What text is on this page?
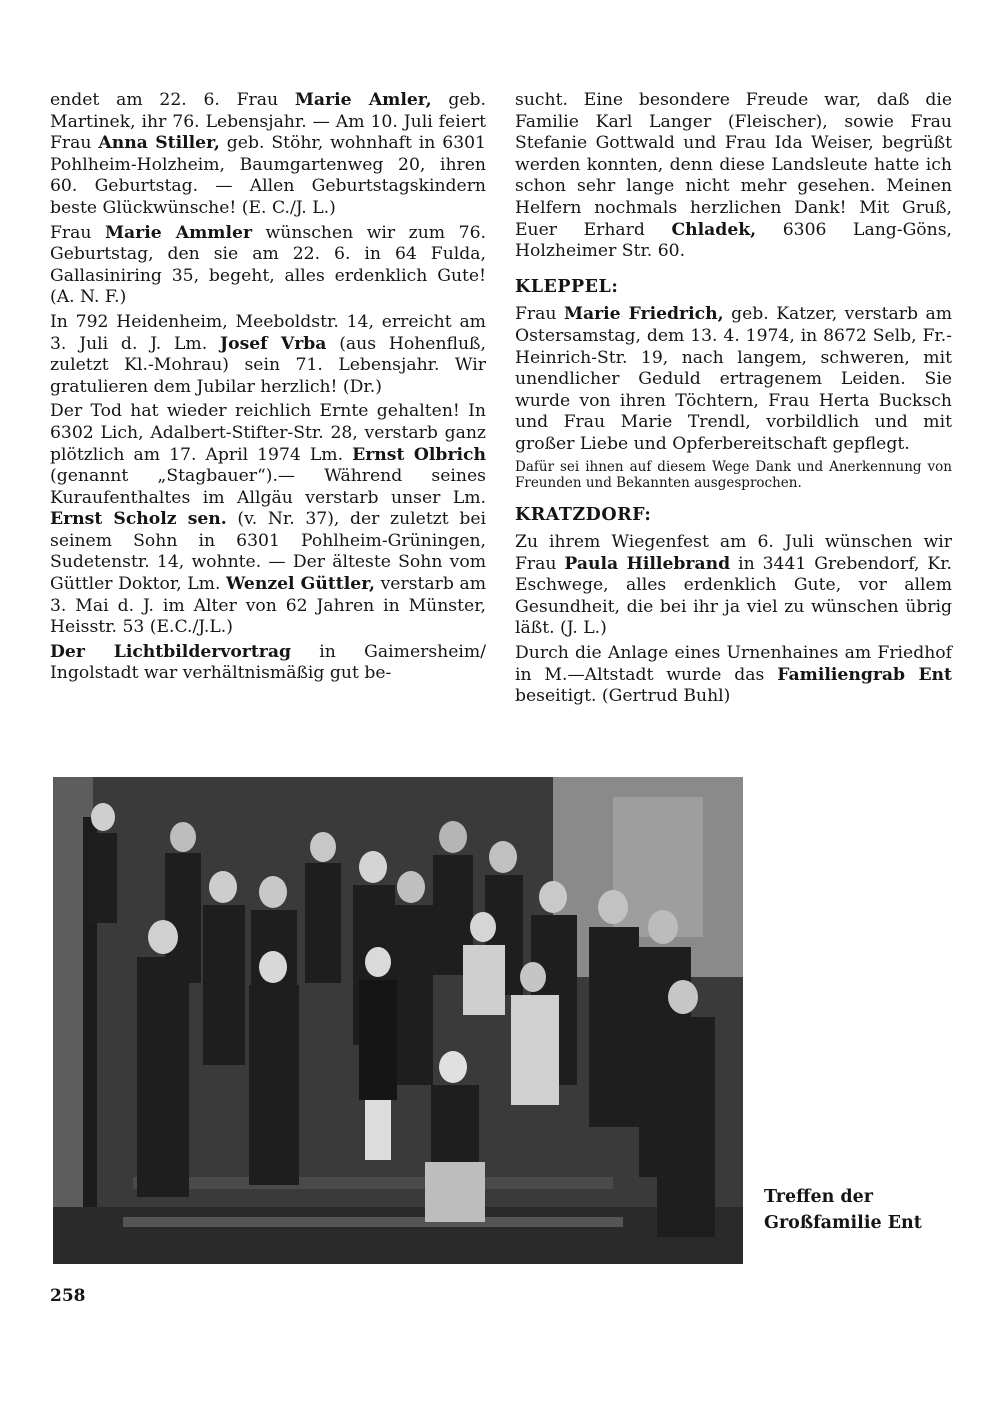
endet am 22. 6. Frau Marie Amler, geb. Martinek, ihr 76. Lebensjahr. — Am 10. Juli feiert Frau Anna Stiller, geb. Stöhr, wohnhaft in 6301 Pohlheim-Holzheim, Baumgartenweg 20, ihren 60. Geburtstag. — Allen Geburtstagskindern beste Glückwünsche! (E. C./J. L.)

Frau Marie Ammler wünschen wir zum 76. Geburtstag, den sie am 22. 6. in 64 Fulda, Gallasiniring 35, begeht, alles erdenklich Gute! (A. N. F.)

In 792 Heidenheim, Meeboldstr. 14, erreicht am 3. Juli d. J. Lm. Josef Vrba (aus Hohenfluß, zuletzt Kl.-Mohrau) sein 71. Lebensjahr. Wir gratulieren dem Jubilar herzlich! (Dr.)

Der Tod hat wieder reichlich Ernte gehalten! In 6302 Lich, Adalbert-Stifter-Str. 28, verstarb ganz plötzlich am 17. April 1974 Lm. Ernst Olbrich (genannt „Stagbauer“).— Während seines Kuraufenthaltes im Allgäu verstarb unser Lm. Ernst Scholz sen. (v. Nr. 37), der zuletzt bei seinem Sohn in 6301 Pohlheim-Grüningen, Sudetenstr. 14, wohnte. — Der älteste Sohn vom Güttler Doktor, Lm. Wenzel Güttler, verstarb am 3. Mai d. J. im Alter von 62 Jahren in Münster, Heisstr. 53 (E.C./J.L.)

Der Lichtbildervortrag in Gaimersheim/ Ingolstadt war verhältnismäßig gut be-

sucht. Eine besondere Freude war, daß die Familie Karl Langer (Fleischer), sowie Frau Stefanie Gottwald und Frau Ida Weiser, begrüßt werden konnten, denn diese Landsleute hatte ich schon sehr lange nicht mehr gesehen. Meinen Helfern nochmals herzlichen Dank! Mit Gruß, Euer Erhard Chladek, 6306 Lang-Göns, Holzheimer Str. 60.

KLEPPEL:

Frau Marie Friedrich, geb. Katzer, verstarb am Ostersamstag, dem 13. 4. 1974, in 8672 Selb, Fr.-Heinrich-Str. 19, nach langem, schweren, mit unendlicher Geduld ertragenem Leiden. Sie wurde von ihren Töchtern, Frau Herta Bucksch und Frau Marie Trendl, vorbildlich und mit großer Liebe und Opferbereitschaft gepflegt.

Dafür sei ihnen auf diesem Wege Dank und Anerkennung von Freunden und Bekannten ausgesprochen.

KRATZDORF:

Zu ihrem Wiegenfest am 6. Juli wünschen wir Frau Paula Hillebrand in 3441 Grebendorf, Kr. Eschwege, alles erdenklich Gute, vor allem Gesundheit, die bei ihr ja viel zu wünschen übrig läßt. (J. L.)

Durch die Anlage eines Urnenhaines am Friedhof in M.—Altstadt wurde das Familiengrab Ent beseitigt. (Gertrud Buhl)

Treffen der
Großfamilie Ent
258
